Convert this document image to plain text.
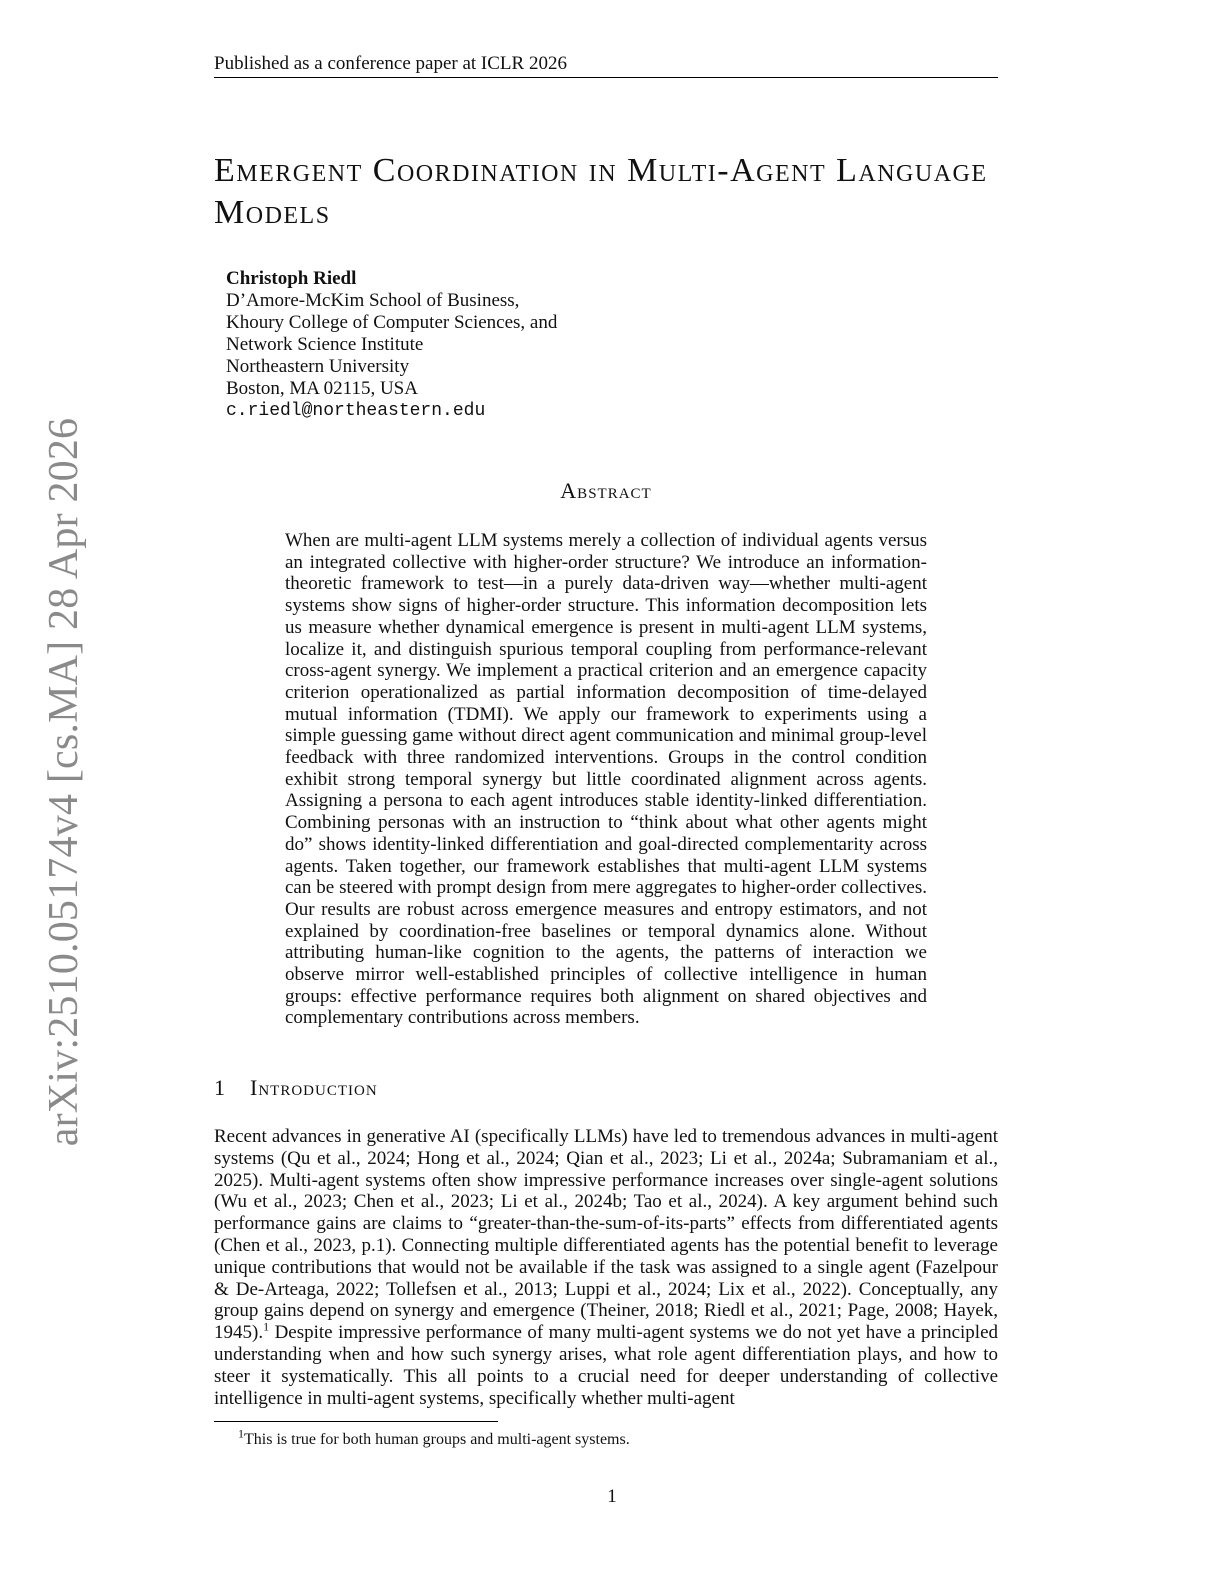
Published as a conference paper at ICLR 2026
arXiv:2510.05174v4 [cs.MA] 28 Apr 2026
Emergent Coordination in Multi-Agent Language Models
Christoph Riedl
D’Amore-McKim School of Business,
Khoury College of Computer Sciences, and
Network Science Institute
Northeastern University
Boston, MA 02115, USA
c.riedl@northeastern.edu
Abstract
When are multi-agent LLM systems merely a collection of individual agents versus an integrated collective with higher-order structure? We introduce an information-theoretic framework to test—in a purely data-driven way—whether multi-agent systems show signs of higher-order structure. This information decomposition lets us measure whether dynamical emergence is present in multi-agent LLM systems, localize it, and distinguish spurious temporal coupling from performance-relevant cross-agent synergy. We implement a practical criterion and an emergence capacity criterion operationalized as partial information decomposition of time-delayed mutual information (TDMI). We apply our framework to experiments using a simple guessing game without direct agent communication and minimal group-level feedback with three randomized interventions. Groups in the control condition exhibit strong temporal synergy but little coordinated alignment across agents. Assigning a persona to each agent introduces stable identity-linked differentiation. Combining personas with an instruction to “think about what other agents might do” shows identity-linked differentiation and goal-directed complementarity across agents. Taken together, our framework establishes that multi-agent LLM systems can be steered with prompt design from mere aggregates to higher-order collectives. Our results are robust across emergence measures and entropy estimators, and not explained by coordination-free baselines or temporal dynamics alone. Without attributing human-like cognition to the agents, the patterns of interaction we observe mirror well-established principles of collective intelligence in human groups: effective performance requires both alignment on shared objectives and complementary contributions across members.
1 Introduction
Recent advances in generative AI (specifically LLMs) have led to tremendous advances in multi-agent systems (Qu et al., 2024; Hong et al., 2024; Qian et al., 2023; Li et al., 2024a; Subramaniam et al., 2025). Multi-agent systems often show impressive performance increases over single-agent solutions (Wu et al., 2023; Chen et al., 2023; Li et al., 2024b; Tao et al., 2024). A key argument behind such performance gains are claims to “greater-than-the-sum-of-its-parts” effects from differentiated agents (Chen et al., 2023, p.1). Connecting multiple differentiated agents has the potential benefit to leverage unique contributions that would not be available if the task was assigned to a single agent (Fazelpour & De-Arteaga, 2022; Tollefsen et al., 2013; Luppi et al., 2024; Lix et al., 2022). Conceptually, any group gains depend on synergy and emergence (Theiner, 2018; Riedl et al., 2021; Page, 2008; Hayek, 1945).$^1$ Despite impressive performance of many multi-agent systems we do not yet have a principled understanding when and how such synergy arises, what role agent differentiation plays, and how to steer it systematically. This all points to a crucial need for deeper understanding of collective intelligence in multi-agent systems, specifically whether multi-agent
$^1$This is true for both human groups and multi-agent systems.
1
